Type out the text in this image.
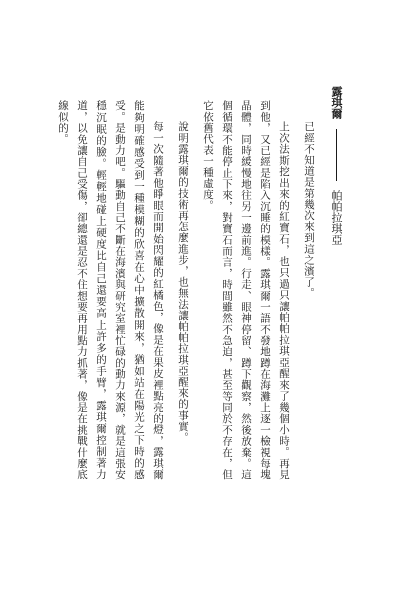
露琪爾  帕帕拉琪亞

已經不知道是第幾次來到這之濱了。

上次法斯挖出來的紅寶石，也只過只讓帕帕拉琪亞醒來了幾個小時。再見到他，又已經是陷入沉睡的模樣。露琪爾一語不發地蹲在海灘上逐一檢視每塊晶體，同時緩慢地往另一邊前進。行走、眼神停留、蹲下觀察，然後放棄。這個循環不能停止下來，對寶石而言，時間雖然不急迫，甚至等同於不存在，但它依舊代表一種虛度。

說明露琪爾的技術再怎麼進步，也無法讓帕帕拉琪亞醒來的事實。

每一次隨著他睜眼而開始閃耀的紅橘色，像是在果皮裡點亮的燈，露琪爾能夠明確感受到一種模糊的欣喜在心中擴散開來，猶如站在陽光之下時的感受。是動力吧。驅動自己不斷在海濱與研究室裡忙碌的動力來源，就是這張安穩沉眠的臉。輕輕地碰上硬度比自己還要高上許多的手臂，露琪爾控制著力道，以免讓自己受傷，卻總還是忍不住想要再用點力抓著，像是在挑戰什麼底線似的。
